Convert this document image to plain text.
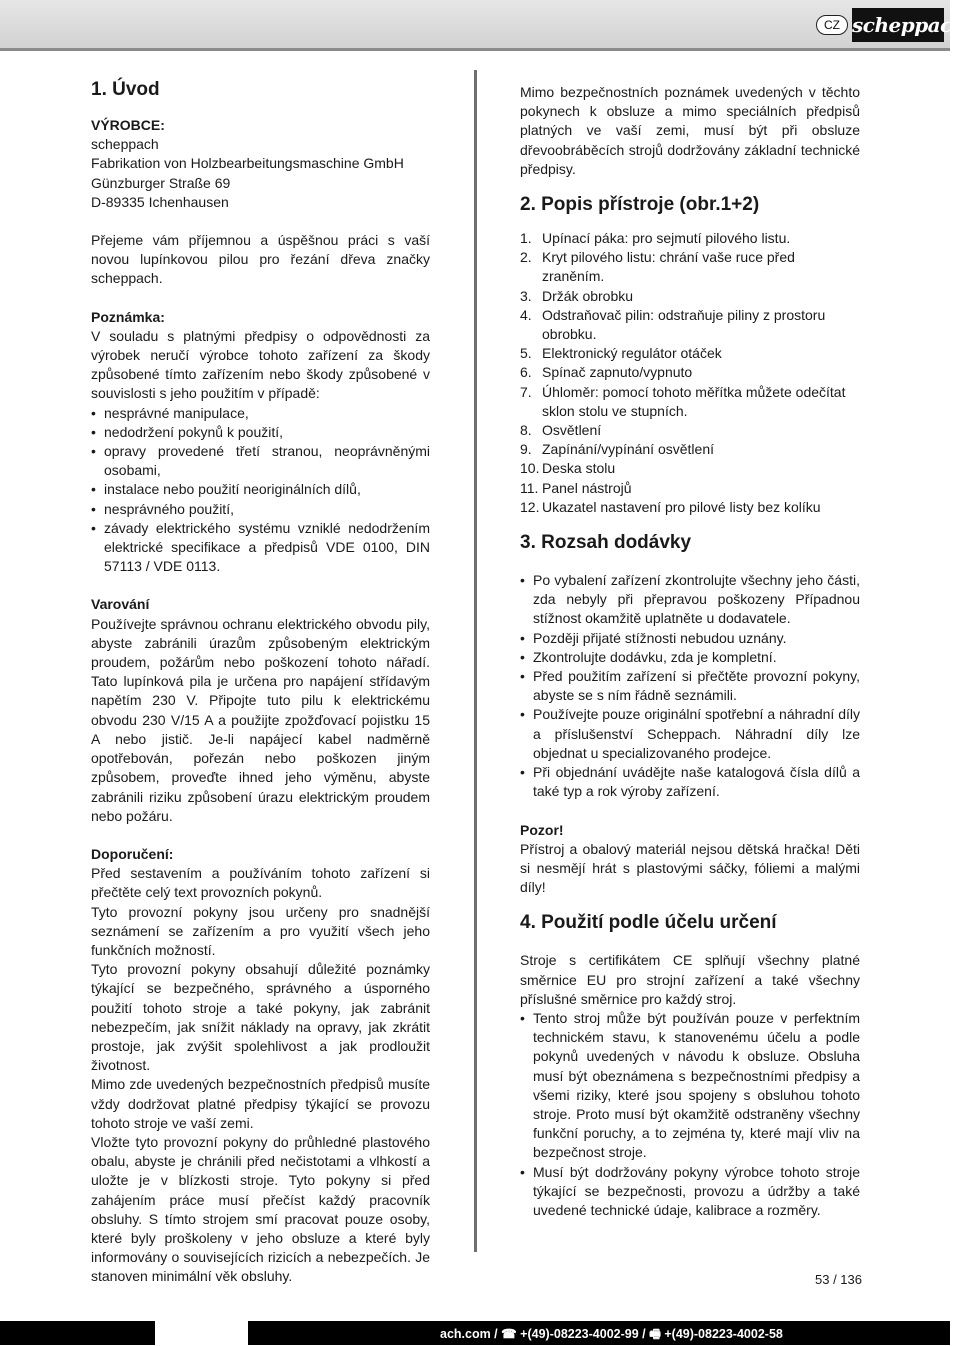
CZ scheppach
1. Úvod

VÝROBCE:

scheppach

Fabrikation von Holzbearbeitungsmaschine GmbH

Günzburger Straße 69

D-89335 Ichenhausen

Přejeme vám příjemnou a úspěšnou práci s vaší novou lupínkovou pilou pro řezání dřeva značky scheppach.

Poznámka:

V souladu s platnými předpisy o odpovědnosti za výrobek neručí výrobce tohoto zařízení za škody způsobené tímto zařízením nebo škody způsobené v souvislosti s jeho použitím v případě:

• nesprávné manipulace,
• nedodržení pokynů k použití,
• opravy provedené třetí stranou, neoprávněnými osobami,
• instalace nebo použití neoriginálních dílů,
• nesprávného použití,
• závady elektrického systému vzniklé nedodržením elektrické specifikace a předpisů VDE 0100, DIN 57113 / VDE 0113.

Varování

Používejte správnou ochranu elektrického obvodu pily, abyste zabránili úrazům způsobeným elektrickým proudem, požárům nebo poškození tohoto nářadí. Tato lupínková pila je určena pro napájení střídavým napětím 230 V. Připojte tuto pilu k elektrickému obvodu 230 V/15 A a použijte zpožďovací pojistku 15 A nebo jistič. Je-li napájecí kabel nadměrně opotřebován, pořezán nebo poškozen jiným způsobem, proveďte ihned jeho výměnu, abyste zabránili riziku způsobení úrazu elektrickým proudem nebo požáru.

Doporučení:

Před sestavením a používáním tohoto zařízení si přečtěte celý text provozních pokynů.

Tyto provozní pokyny jsou určeny pro snadnější seznámení se zařízením a pro využití všech jeho funkčních možností.

Tyto provozní pokyny obsahují důležité poznámky týkající se bezpečného, správného a úsporného použití tohoto stroje a také pokyny, jak zabránit nebezpečím, jak snížit náklady na opravy, jak zkrátit prostoje, jak zvýšit spolehlivost a jak prodloužit životnost.

Mimo zde uvedených bezpečnostních předpisů musíte vždy dodržovat platné předpisy týkající se provozu tohoto stroje ve vaší zemi.

Vložte tyto provozní pokyny do průhledné plastového obalu, abyste je chránili před nečistotami a vlhkostí a uložte je v blízkosti stroje. Tyto pokyny si před zahájením práce musí přečíst každý pracovník obsluhy. S tímto strojem smí pracovat pouze osoby, které byly proškoleny v jeho obsluze a které byly informovány o souvisejících rizicích a nebezpečích. Je stanoven minimální věk obsluhy.

Mimo bezpečnostních poznámek uvedených v těchto pokynech k obsluze a mimo speciálních předpisů platných ve vaší zemi, musí být při obsluze dřevoobráběcích strojů dodržovány základní technické předpisy.

2. Popis přístroje (obr.1+2)
1. Upínací páka: pro sejmutí pilového listu.
2. Kryt pilového listu: chrání vaše ruce před zraněním.
3. Držák obrobku
4. Odstraňovač pilin: odstraňuje piliny z prostoru obrobku.
5. Elektronický regulátor otáček
6. Spínač zapnuto/vypnuto
7. Úhloměr: pomocí tohoto měřítka můžete odečítat sklon stolu ve stupních.
8. Osvětlení
9. Zapínání/vypínání osvětlení
10. Deska stolu
11. Panel nástrojů
12. Ukazatel nastavení pro pilové listy bez kolíku
3. Rozsah dodávky
• Po vybalení zařízení zkontrolujte všechny jeho části, zda nebyly při přepravou poškozeny Případnou stížnost okamžitě uplatněte u dodavatele.
• Později přijaté stížnosti nebudou uznány.
• Zkontrolujte dodávku, zda je kompletní.
• Před použitím zařízení si přečtěte provozní pokyny, abyste se s ním řádně seznámili.
• Používejte pouze originální spotřební a náhradní díly a příslušenství Scheppach. Náhradní díly lze objednat u specializovaného prodejce.
• Při objednání uvádějte naše katalogová čísla dílů a také typ a rok výroby zařízení.

Pozor!

Přístroj a obalový materiál nejsou dětská hračka! Děti si nesmějí hrát s plastovými sáčky, fóliemi a malými díly!

4. Použití podle účelu určení

Stroje s certifikátem CE splňují všechny platné směrnice EU pro strojní zařízení a také všechny příslušné směrnice pro každý stroj.

• Tento stroj může být používán pouze v perfektním technickém stavu, k stanovenému účelu a podle pokynů uvedených v návodu k obsluze. Obsluha musí být obeznámena s bezpečnostními předpisy a všemi riziky, které jsou spojeny s obsluhou tohoto stroje. Proto musí být okamžitě odstraněny všechny funkční poruchy, a to zejména ty, které mají vliv na bezpečnost stroje.
• Musí být dodržovány pokyny výrobce tohoto stroje týkající se bezpečnosti, provozu a údržby a také uvedené technické údaje, kalibrace a rozměry.
53 / 136
ach.com / ☎ +(49)-08223-4002-99 / 🖷 +(49)-08223-4002-58
